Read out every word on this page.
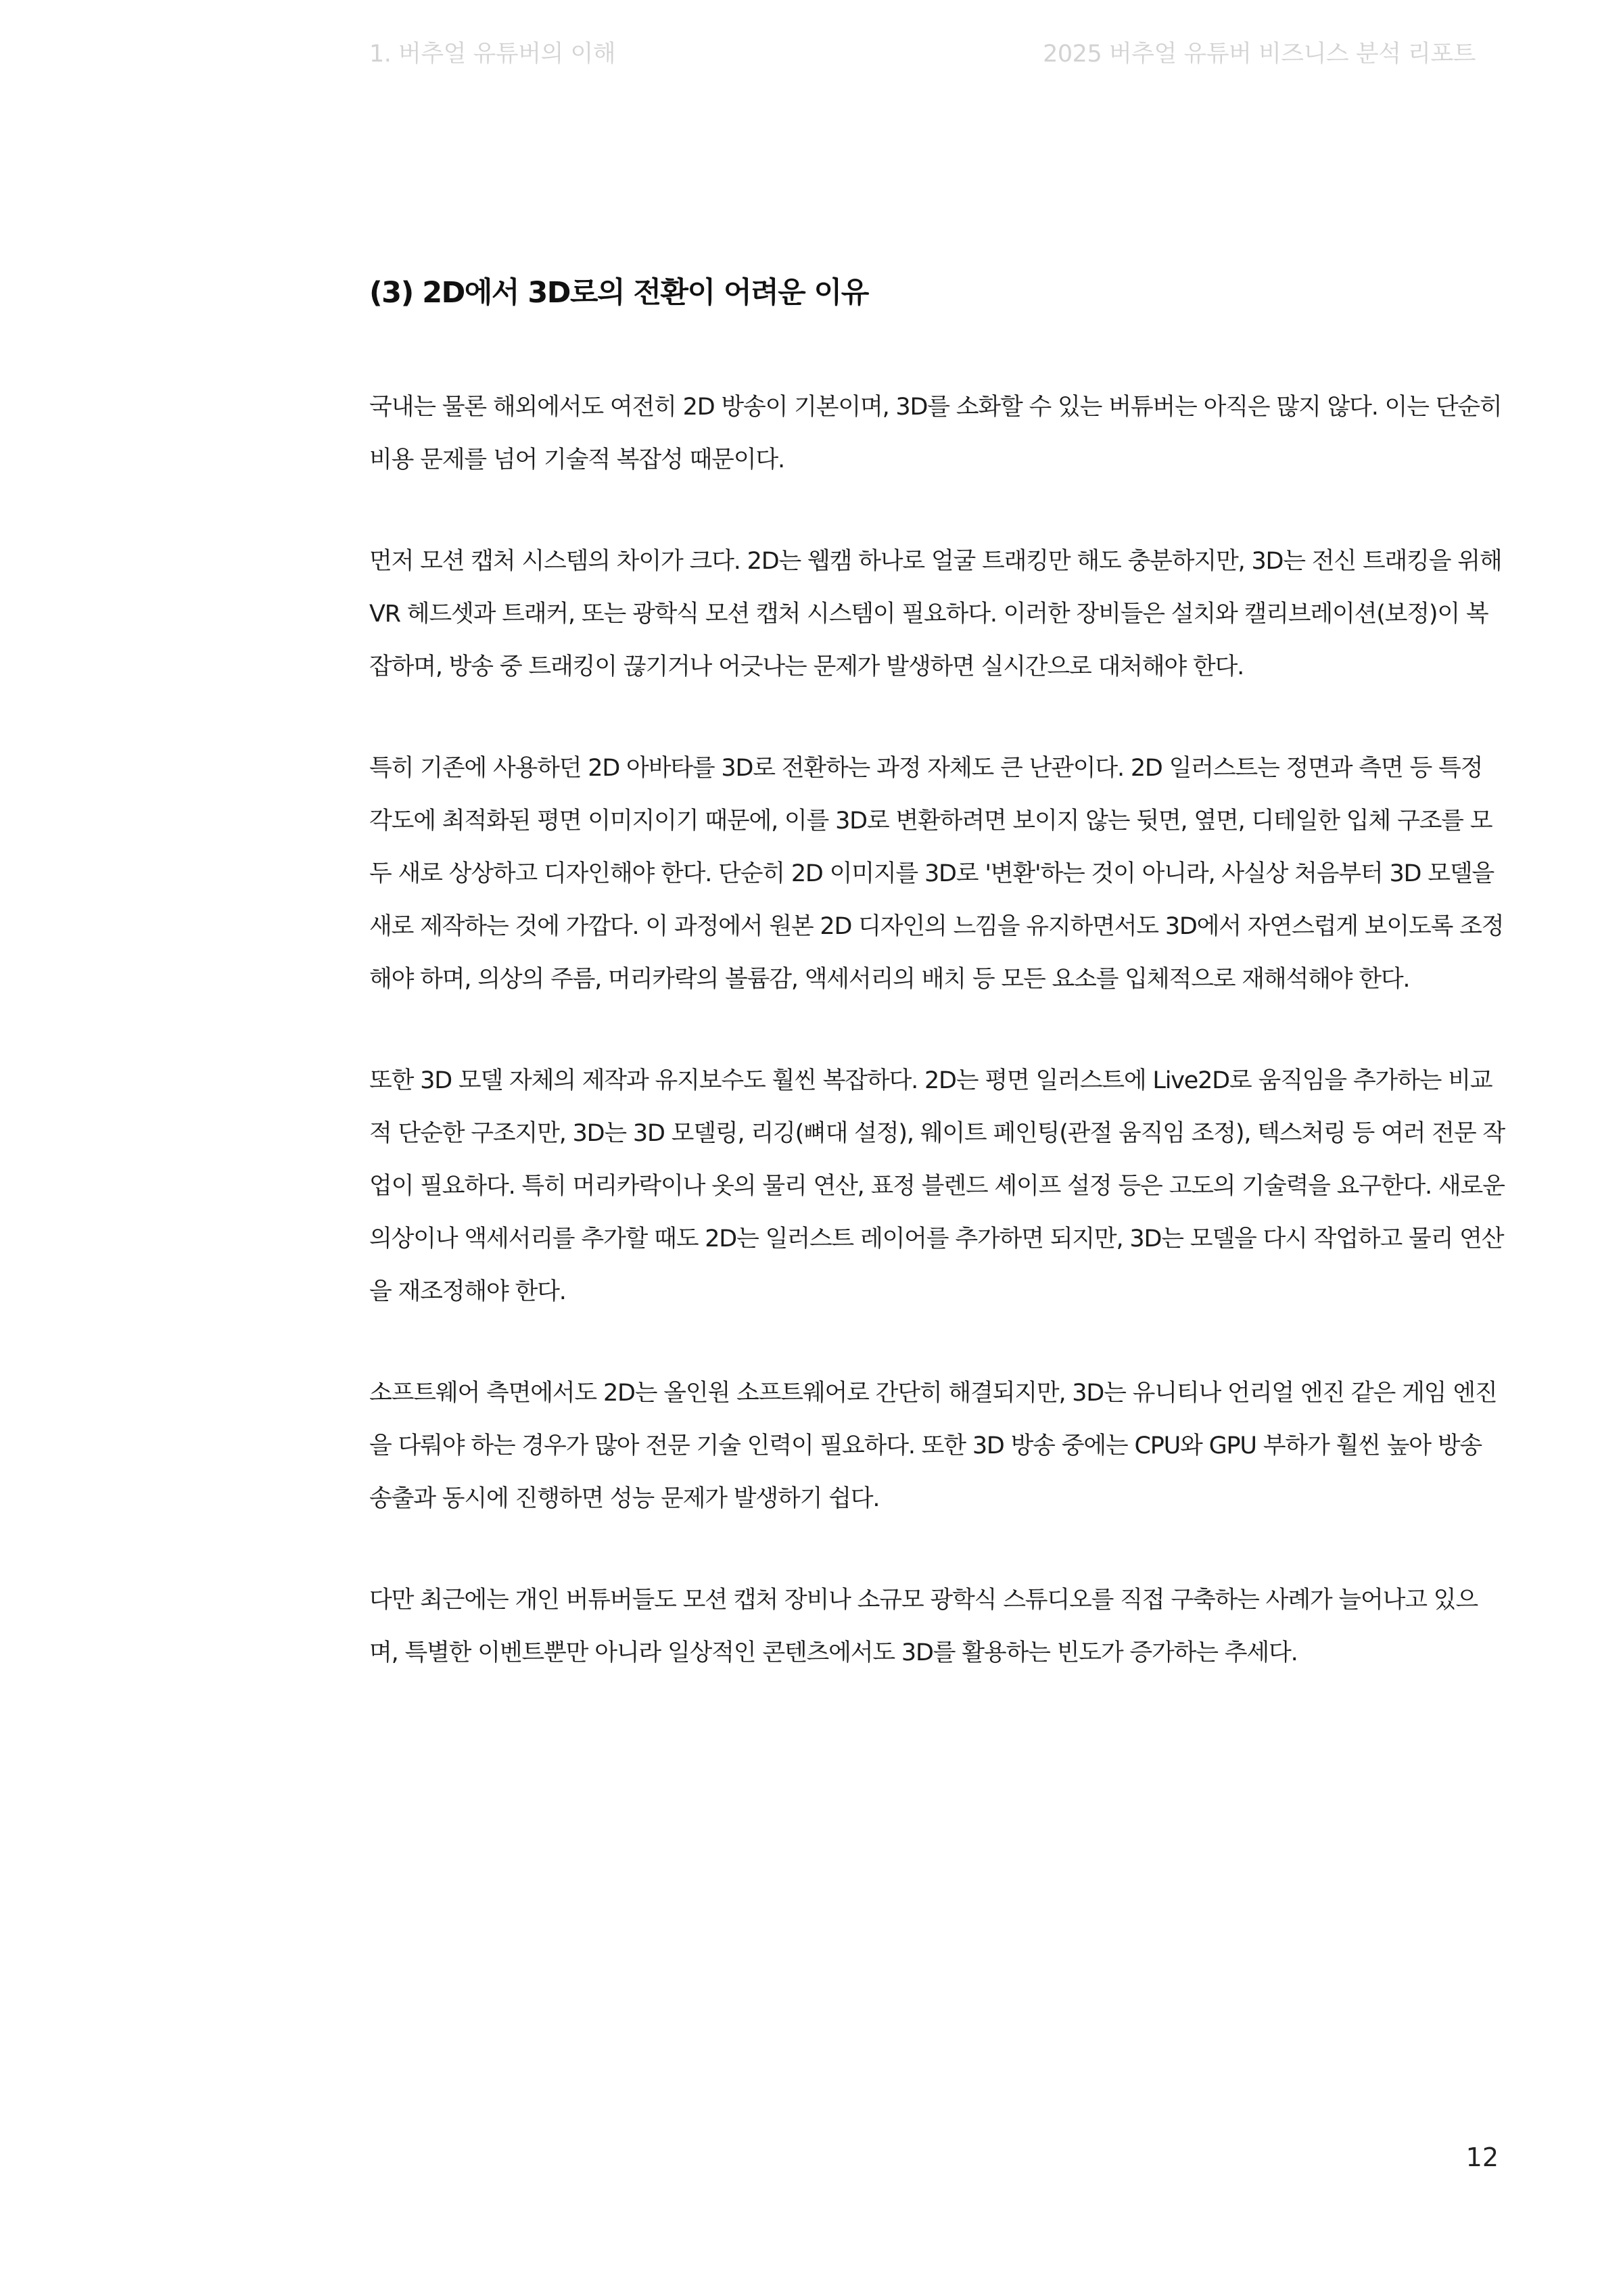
1. 버추얼 유튜버의 이해	2025 버추얼 유튜버 비즈니스 분석 리포트
(3) 2D에서 3D로의 전환이 어려운 이유

국내는 물론 해외에서도 여전히 2D 방송이 기본이며, 3D를 소화할 수 있는 버튜버는 아직은 많지 않다. 이는 단순히 비용 문제를 넘어 기술적 복잡성 때문이다.

먼저 모션 캡처 시스템의 차이가 크다. 2D는 웹캠 하나로 얼굴 트래킹만 해도 충분하지만, 3D는 전신 트래킹을 위해 VR 헤드셋과 트래커, 또는 광학식 모션 캡처 시스템이 필요하다. 이러한 장비들은 설치와 캘리브레이션(보정)이 복잡하며, 방송 중 트래킹이 끊기거나 어긋나는 문제가 발생하면 실시간으로 대처해야 한다.

특히 기존에 사용하던 2D 아바타를 3D로 전환하는 과정 자체도 큰 난관이다. 2D 일러스트는 정면과 측면 등 특정 각도에 최적화된 평면 이미지이기 때문에, 이를 3D로 변환하려면 보이지 않는 뒷면, 옆면, 디테일한 입체 구조를 모두 새로 상상하고 디자인해야 한다. 단순히 2D 이미지를 3D로 '변환'하는 것이 아니라, 사실상 처음부터 3D 모델을 새로 제작하는 것에 가깝다. 이 과정에서 원본 2D 디자인의 느낌을 유지하면서도 3D에서 자연스럽게 보이도록 조정해야 하며, 의상의 주름, 머리카락의 볼륨감, 액세서리의 배치 등 모든 요소를 입체적으로 재해석해야 한다.

또한 3D 모델 자체의 제작과 유지보수도 훨씬 복잡하다. 2D는 평면 일러스트에 Live2D로 움직임을 추가하는 비교적 단순한 구조지만, 3D는 3D 모델링, 리깅(뼈대 설정), 웨이트 페인팅(관절 움직임 조정), 텍스처링 등 여러 전문 작업이 필요하다. 특히 머리카락이나 옷의 물리 연산, 표정 블렌드 셰이프 설정 등은 고도의 기술력을 요구한다. 새로운 의상이나 액세서리를 추가할 때도 2D는 일러스트 레이어를 추가하면 되지만, 3D는 모델을 다시 작업하고 물리 연산을 재조정해야 한다.

소프트웨어 측면에서도 2D는 올인원 소프트웨어로 간단히 해결되지만, 3D는 유니티나 언리얼 엔진 같은 게임 엔진을 다뤄야 하는 경우가 많아 전문 기술 인력이 필요하다. 또한 3D 방송 중에는 CPU와 GPU 부하가 훨씬 높아 방송 송출과 동시에 진행하면 성능 문제가 발생하기 쉽다.

다만 최근에는 개인 버튜버들도 모션 캡처 장비나 소규모 광학식 스튜디오를 직접 구축하는 사례가 늘어나고 있으며, 특별한 이벤트뿐만 아니라 일상적인 콘텐츠에서도 3D를 활용하는 빈도가 증가하는 추세다.

12
